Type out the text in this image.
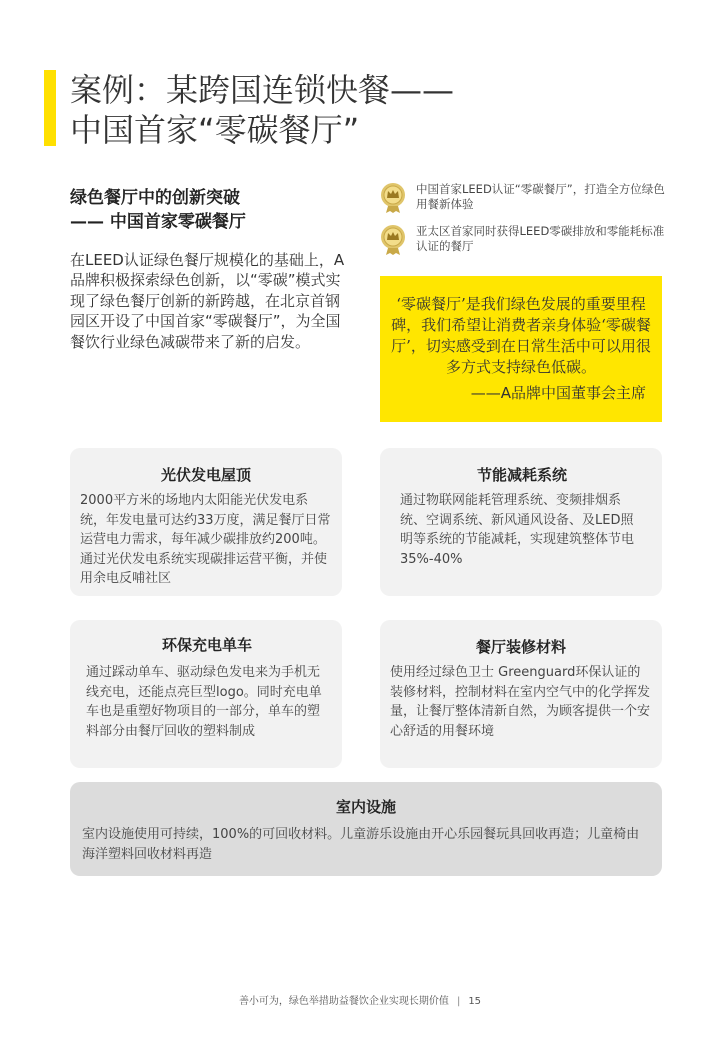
案例：某跨国连锁快餐——
中国首家“零碳餐厅”
绿色餐厅中的创新突破
—— 中国首家零碳餐厅
在LEED认证绿色餐厅规模化的基础上，A品牌积极探索绿色创新，以“零碳”模式实现了绿色餐厅创新的新跨越，在北京首钢园区开设了中国首家“零碳餐厅”，为全国餐饮行业绿色减碳带来了新的启发。
中国首家LEED认证“零碳餐厅”，打造全方位绿色用餐新体验
亚太区首家同时获得LEED零碳排放和零能耗标准认证的餐厅
‘零碳餐厅’是我们绿色发展的重要里程碑，我们希望让消费者亲身体验‘零碳餐厅’，切实感受到在日常生活中可以用很多方式支持绿色低碳。
——A品牌中国董事会主席
光伏发电屋顶
2000平方米的场地内太阳能光伏发电系统，年发电量可达约33万度，满足餐厅日常运营电力需求，每年减少碳排放约200吨。通过光伏发电系统实现碳排运营平衡，并使用余电反哺社区
节能减耗系统
通过物联网能耗管理系统、变频排烟系统、空调系统、新风通风设备、及LED照明等系统的节能减耗，实现建筑整体节电35%-40%
环保充电单车
通过踩动单车、驱动绿色发电来为手机无线充电，还能点亮巨型logo。同时充电单车也是重塑好物项目的一部分，单车的塑料部分由餐厅回收的塑料制成
餐厅装修材料
使用经过绿色卫士 Greenguard环保认证的装修材料，控制材料在室内空气中的化学挥发量，让餐厅整体清新自然，为顾客提供一个安心舒适的用餐环境
室内设施
室内设施使用可持续，100%的可回收材料。儿童游乐设施由开心乐园餐玩具回收再造；儿童椅由海洋塑料回收材料再造
善小可为，绿色举措助益餐饮企业实现长期价值 | 15
